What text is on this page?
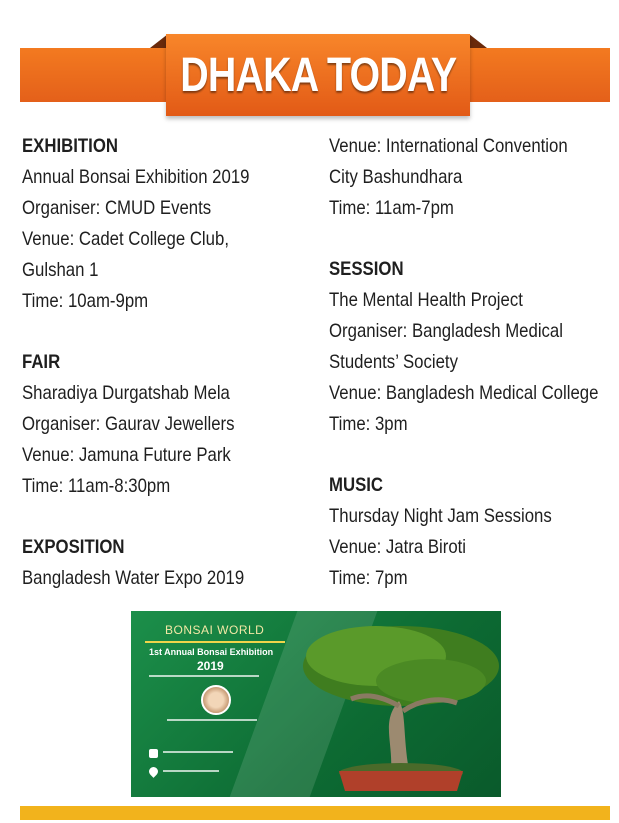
DHAKA TODAY
EXHIBITION
Annual Bonsai Exhibition 2019
Organiser: CMUD Events
Venue: Cadet College Club,
Gulshan 1
Time: 10am-9pm
FAIR
Sharadiya Durgatshab Mela
Organiser: Gaurav Jewellers
Venue: Jamuna Future Park
Time: 11am-8:30pm
EXPOSITION
Bangladesh Water Expo 2019
Venue: International Convention
City Bashundhara
Time: 11am-7pm
SESSION
The Mental Health Project
Organiser: Bangladesh Medical
Students’ Society
Venue: Bangladesh Medical College
Time: 3pm
MUSIC
Thursday Night Jam Sessions
Venue: Jatra Biroti
Time: 7pm
BONSAI WORLD
1st Annual Bonsai Exhibition
2019
